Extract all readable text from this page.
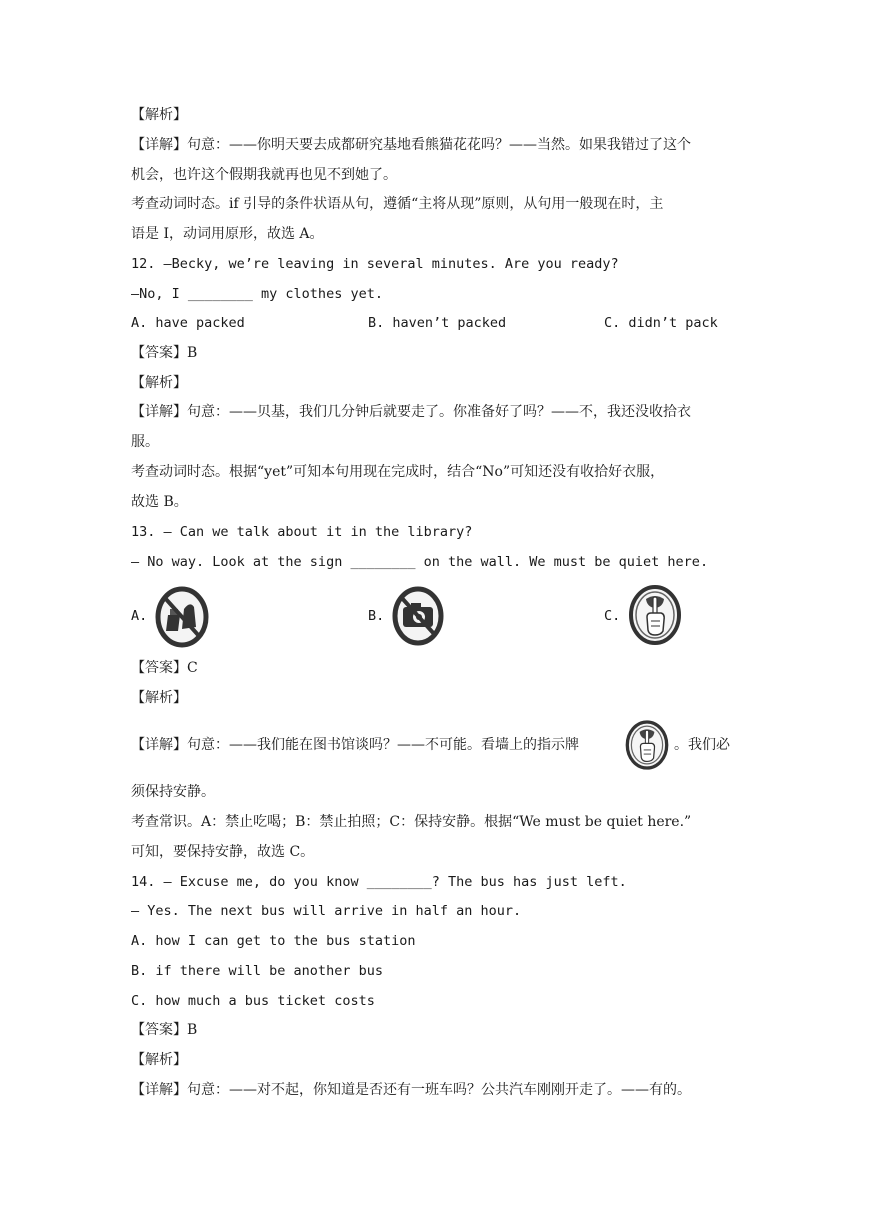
【解析】
【详解】句意：——你明天要去成都研究基地看熊猫花花吗？——当然。如果我错过了这个
机会，也许这个假期我就再也见不到她了。
考查动词时态。if 引导的条件状语从句，遵循“主将从现”原则，从句用一般现在时，主
语是 I，动词用原形，故选 A。
12. —Becky, we’re leaving in several minutes. Are you ready?
—No, I ________ my clothes yet.
A. have packed	B. haven’t packed	C. didn’t pack
【答案】B
【解析】
【详解】句意：——贝基，我们几分钟后就要走了。你准备好了吗？——不，我还没收拾衣
服。
考查动词时态。根据“yet”可知本句用现在完成时，结合“No”可知还没有收拾好衣服，
故选 B。
13. — Can we talk about it in the library?
— No way. Look at the sign ________ on the wall. We must be quiet here.
A.	B.	C.
【答案】C
【解析】
【详解】句意：——我们能在图书馆谈吗？——不可能。看墙上的指示牌	。我们必
须保持安静。
考查常识。A：禁止吃喝；B：禁止拍照；C：保持安静。根据“We must be quiet here.”
可知，要保持安静，故选 C。
14. — Excuse me, do you know ________? The bus has just left.
— Yes. The next bus will arrive in half an hour.
A. how I can get to the bus station
B. if there will be another bus
C. how much a bus ticket costs
【答案】B
【解析】
【详解】句意：——对不起，你知道是否还有一班车吗？公共汽车刚刚开走了。——有的。
